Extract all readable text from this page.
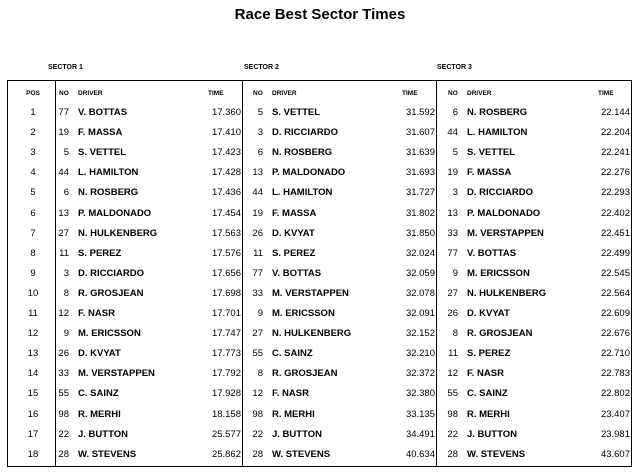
Race Best Sector Times
SECTOR 1	SECTOR 2	SECTOR 3
POS	NO DRIVER	TIME	NO DRIVER	TIME	NO DRIVER	TIME
1	77 V. BOTTAS	17.360	5 S. VETTEL	31.592	6 N. ROSBERG	22.144
2	19 F. MASSA	17.410	3 D. RICCIARDO	31.607	44 L. HAMILTON	22.204
3	5 S. VETTEL	17.423	6 N. ROSBERG	31.639	5 S. VETTEL	22.241
4	44 L. HAMILTON	17.428	13 P. MALDONADO	31.693	19 F. MASSA	22.276
5	6 N. ROSBERG	17.436	44 L. HAMILTON	31.727	3 D. RICCIARDO	22.293
6	13 P. MALDONADO	17.454	19 F. MASSA	31.802	13 P. MALDONADO	22.402
7	27 N. HULKENBERG	17.563	26 D. KVYAT	31.850	33 M. VERSTAPPEN	22.451
8	11 S. PEREZ	17.576	11 S. PEREZ	32.024	77 V. BOTTAS	22.499
9	3 D. RICCIARDO	17.656	77 V. BOTTAS	32.059	9 M. ERICSSON	22.545
10	8 R. GROSJEAN	17.698	33 M. VERSTAPPEN	32.078	27 N. HULKENBERG	22.564
11	12 F. NASR	17.701	9 M. ERICSSON	32.091	26 D. KVYAT	22.609
12	9 M. ERICSSON	17.747	27 N. HULKENBERG	32.152	8 R. GROSJEAN	22.676
13	26 D. KVYAT	17.773	55 C. SAINZ	32.210	11 S. PEREZ	22.710
14	33 M. VERSTAPPEN	17.792	8 R. GROSJEAN	32.372	12 F. NASR	22.783
15	55 C. SAINZ	17.928	12 F. NASR	32.380	55 C. SAINZ	22.802
16	98 R. MERHI	18.158	98 R. MERHI	33.135	98 R. MERHI	23.407
17	22 J. BUTTON	25.577	22 J. BUTTON	34.491	22 J. BUTTON	23.981
18	28 W. STEVENS	25.862	28 W. STEVENS	40.634	28 W. STEVENS	43.607
